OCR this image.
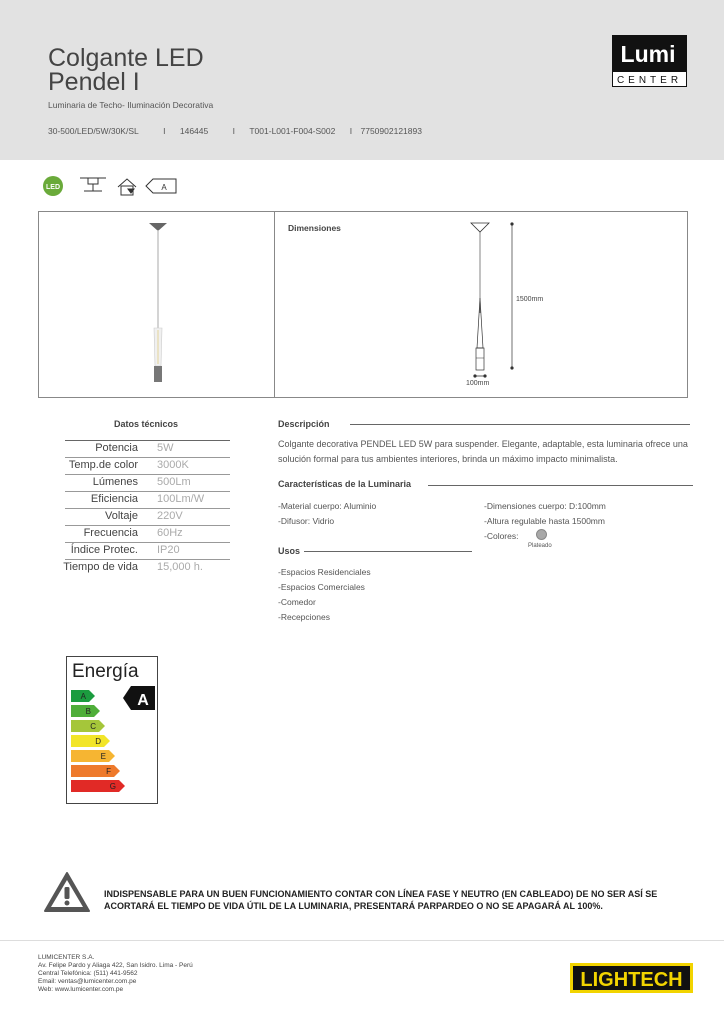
Colgante LED
Pendel I
Luminaria de Techo- Iluminación Decorativa
30-500/LED/5W/30K/SL	I 146445	I T001-L001-F004-S002 I 7750902121893
Lumi
CENTER
LED	A
Dimensiones
1500mm
100mm
Datos técnicos
Potencia 5W
Temp.de color 3000K
Lúmenes 500Lm
Eficiencia 100Lm/W
Voltaje 220V
Frecuencia 60Hz
Índice Protec. IP20
Tiempo de vida 15,000 h.
Descripción
Colgante decorativa PENDEL LED 5W para suspender. Elegante, adaptable, esta luminaria ofrece una solución formal para tus ambientes interiores, brinda un máximo impacto minimalista.
Características de la Luminaria
-Material cuerpo: Aluminio
-Difusor: Vidrio
-Dimensiones cuerpo: D:100mm
-Altura regulable hasta 1500mm
-Colores:
Plateado
Usos
-Espacios Residenciales
-Espacios Comerciales
-Comedor
-Recepciones
Energía
A
B
C
D
E
F
G
A
INDISPENSABLE PARA UN BUEN FUNCIONAMIENTO CONTAR CON LÍNEA FASE Y NEUTRO (EN CABLEADO) DE NO SER ASÍ SE ACORTARÁ EL TIEMPO DE VIDA ÚTIL DE LA LUMINARIA, PRESENTARÁ PARPARDEO O NO SE APAGARÁ AL 100%.
LUMICENTER S.A.
Av. Felipe Pardo y Aliaga 422, San Isidro. Lima - Perú
Central Telefónica: (511) 441-9562
Email: ventas@lumicenter.com.pe
Web: www.lumicenter.com.pe	LIGHTECH
